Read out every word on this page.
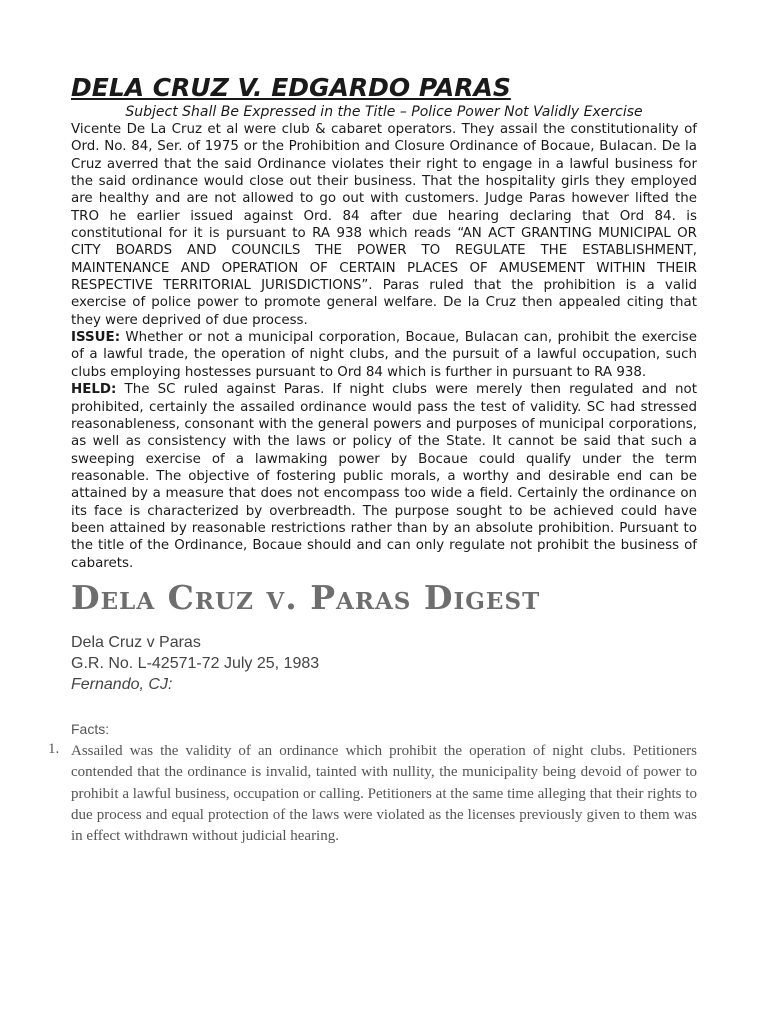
DELA CRUZ V. EDGARDO PARAS

Subject Shall Be Expressed in the Title – Police Power Not Validly Exercise

Vicente De La Cruz et al were club & cabaret operators. They assail the constitutionality of Ord. No. 84, Ser. of 1975 or the Prohibition and Closure Ordinance of Bocaue, Bulacan. De la Cruz averred that the said Ordinance violates their right to engage in a lawful business for the said ordinance would close out their business. That the hospitality girls they employed are healthy and are not allowed to go out with customers. Judge Paras however lifted the TRO he earlier issued against Ord. 84 after due hearing declaring that Ord 84. is constitutional for it is pursuant to RA 938 which reads “AN ACT GRANTING MUNICIPAL OR CITY BOARDS AND COUNCILS THE POWER TO REGULATE THE ESTABLISHMENT, MAINTENANCE AND OPERATION OF CERTAIN PLACES OF AMUSEMENT WITHIN THEIR RESPECTIVE TERRITORIAL JURISDICTIONS”. Paras ruled that the prohibition is a valid exercise of police power to promote general welfare. De la Cruz then appealed citing that they were deprived of due process.

ISSUE: Whether or not a municipal corporation, Bocaue, Bulacan can, prohibit the exercise of a lawful trade, the operation of night clubs, and the pursuit of a lawful occupation, such clubs employing hostesses pursuant to Ord 84 which is further in pursuant to RA 938.

HELD: The SC ruled against Paras. If night clubs were merely then regulated and not prohibited, certainly the assailed ordinance would pass the test of validity. SC had stressed reasonableness, consonant with the general powers and purposes of municipal corporations, as well as consistency with the laws or policy of the State. It cannot be said that such a sweeping exercise of a lawmaking power by Bocaue could qualify under the term reasonable. The objective of fostering public morals, a worthy and desirable end can be attained by a measure that does not encompass too wide a field. Certainly the ordinance on its face is characterized by overbreadth. The purpose sought to be achieved could have been attained by reasonable restrictions rather than by an absolute prohibition. Pursuant to the title of the Ordinance, Bocaue should and can only regulate not prohibit the business of cabarets.

Dela Cruz v. Paras Digest
Dela Cruz v Paras
G.R. No. L-42571-72 July 25, 1983
Fernando, CJ:
Facts:
1. Assailed was the validity of an ordinance which prohibit the operation of night clubs. Petitioners contended that the ordinance is invalid, tainted with nullity, the municipality being devoid of power to prohibit a lawful business, occupation or calling. Petitioners at the same time alleging that their rights to due process and equal protection of the laws were violated as the licenses previously given to them was in effect withdrawn without judicial hearing.
